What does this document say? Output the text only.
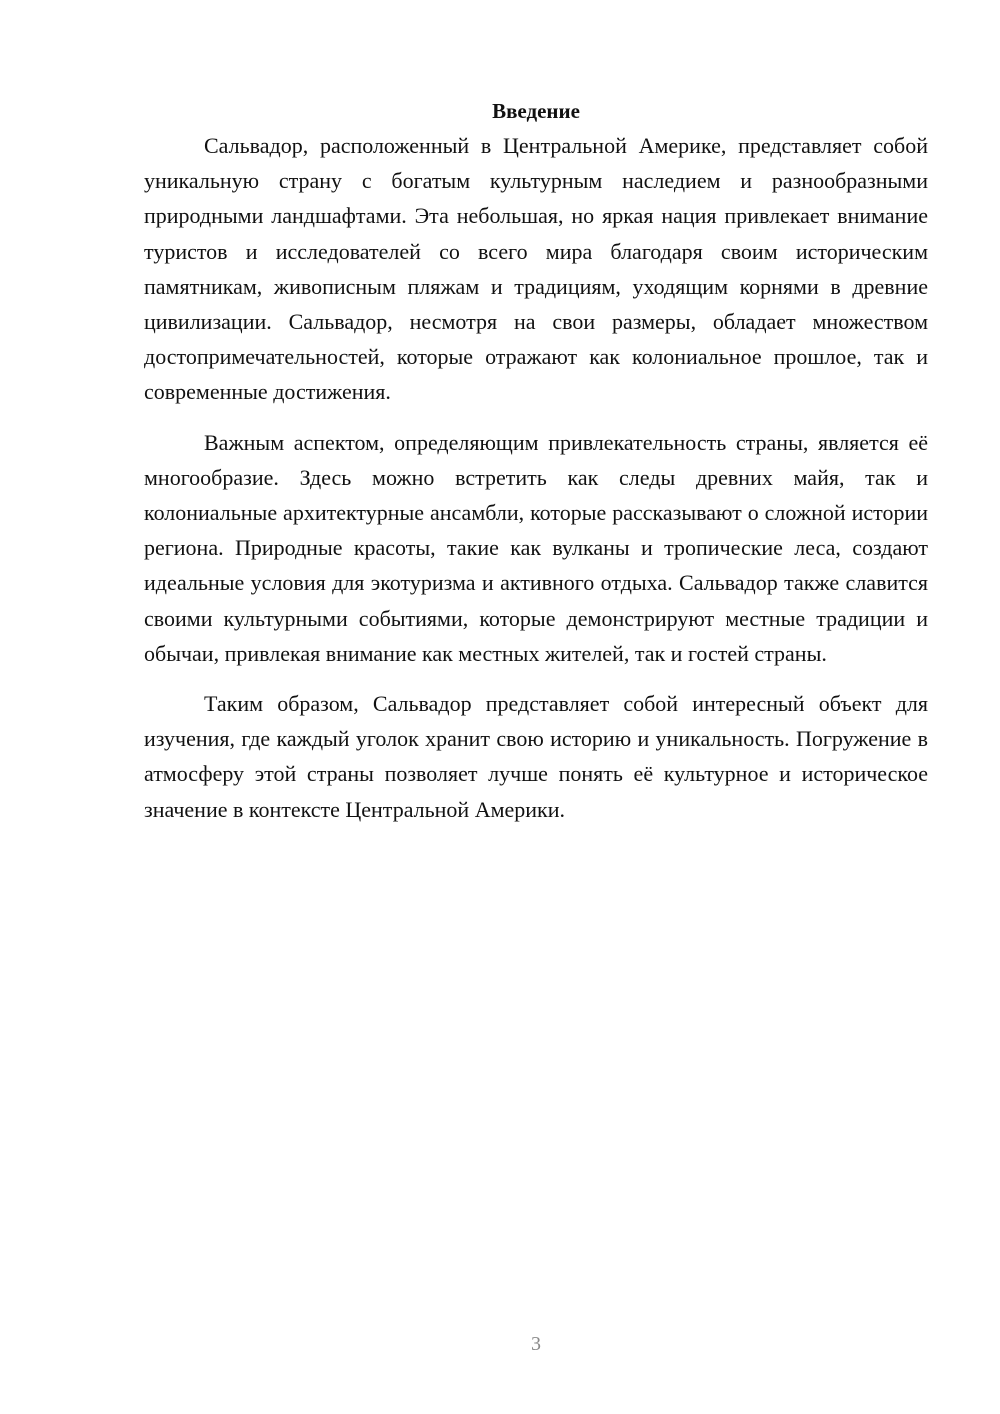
Введение

Сальвадор, расположенный в Центральной Америке, представляет собой уникальную страну с богатым культурным наследием и разнообразными природными ландшафтами. Эта небольшая, но яркая нация привлекает внимание туристов и исследователей со всего мира благодаря своим историческим памятникам, живописным пляжам и традициям, уходящим корнями в древние цивилизации. Сальвадор, несмотря на свои размеры, обладает множеством достопримечательностей, которые отражают как колониальное прошлое, так и современные достижения.

Важным аспектом, определяющим привлекательность страны, является её многообразие. Здесь можно встретить как следы древних майя, так и колониальные архитектурные ансамбли, которые рассказывают о сложной истории региона. Природные красоты, такие как вулканы и тропические леса, создают идеальные условия для экотуризма и активного отдыха. Сальвадор также славится своими культурными событиями, которые демонстрируют местные традиции и обычаи, привлекая внимание как местных жителей, так и гостей страны.

Таким образом, Сальвадор представляет собой интересный объект для изучения, где каждый уголок хранит свою историю и уникальность. Погружение в атмосферу этой страны позволяет лучше понять её культурное и историческое значение в контексте Центральной Америки.

3
